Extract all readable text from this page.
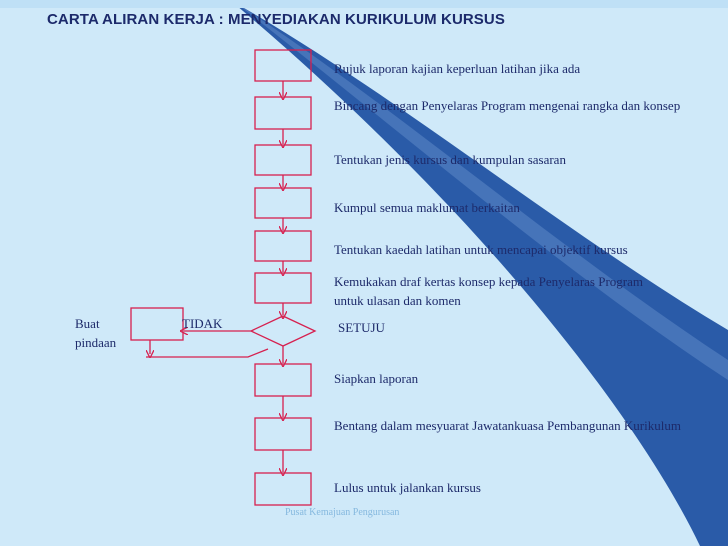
CARTA ALIRAN KERJA : MENYEDIAKAN KURIKULUM KURSUS
Rujuk laporan kajian keperluan latihan jika ada
Bincang dengan Penyelaras Program mengenai rangka dan konsep
Tentukan jenis kursus dan kumpulan sasaran
Kumpul semua maklumat berkaitan
Tentukan kaedah latihan untuk mencapai objektif kursus
Kemukakan draf kertas konsep kepada Penyelaras Program untuk ulasan dan komen
SETUJU
Siapkan laporan
Bentang dalam mesyuarat Jawatankuasa Pembangunan Kurikulum
Lulus untuk jalankan kursus
TIDAK
Buat pindaan
Pusat Kemajuan Pengurusan
